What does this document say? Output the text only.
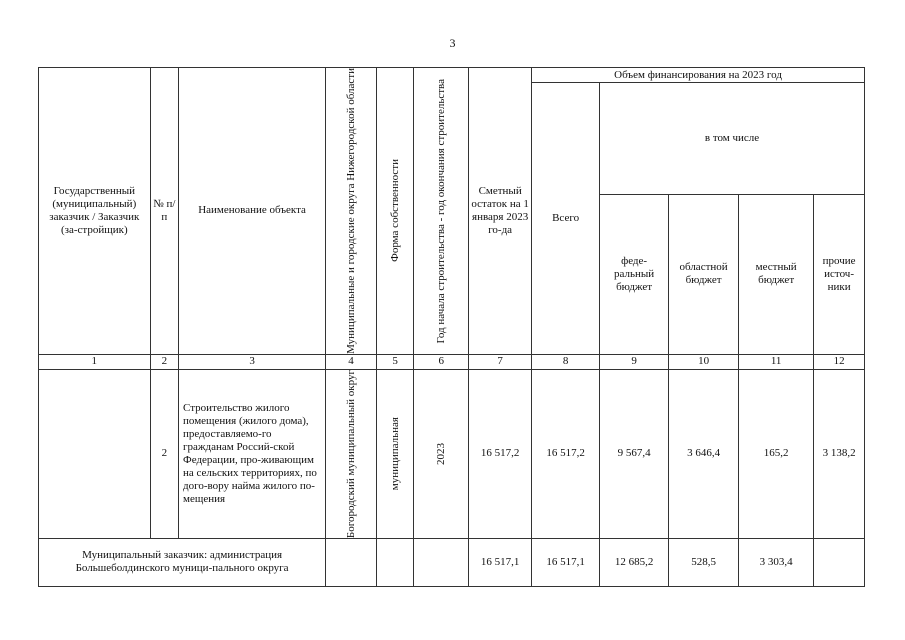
3
Государственный (муниципальный) заказчик / Заказчик (за-стройщик)	№ п/п	Наименование объекта	Муниципальные и городские округа Нижегородской области	Форма собственности	Год начала строительства - год окончания строительства	Сметный остаток на 1 января 2023 го-да	Объем финансирования на 2023 год				
							Всего	в том числе			
								феде-ральный бюджет	областной бюджет	местный бюджет	прочие источ-ники
1	2	3	4	5	6	7	8	9	10	11	12
	2	Строительство жилого помещения (жилого дома), предоставляемо-го гражданам Россий-ской Федерации, про-живающим на сельских территориях, по дого-вору найма жилого по-мещения	Богородский муниципальный округ	муниципальная	2023	16 517,2	16 517,2	9 567,4	3 646,4	165,2	3 138,2
Муниципальный заказчик: администрация Большеболдинского муници-пального округа						16 517,1	16 517,1	12 685,2	528,5	3 303,4	
